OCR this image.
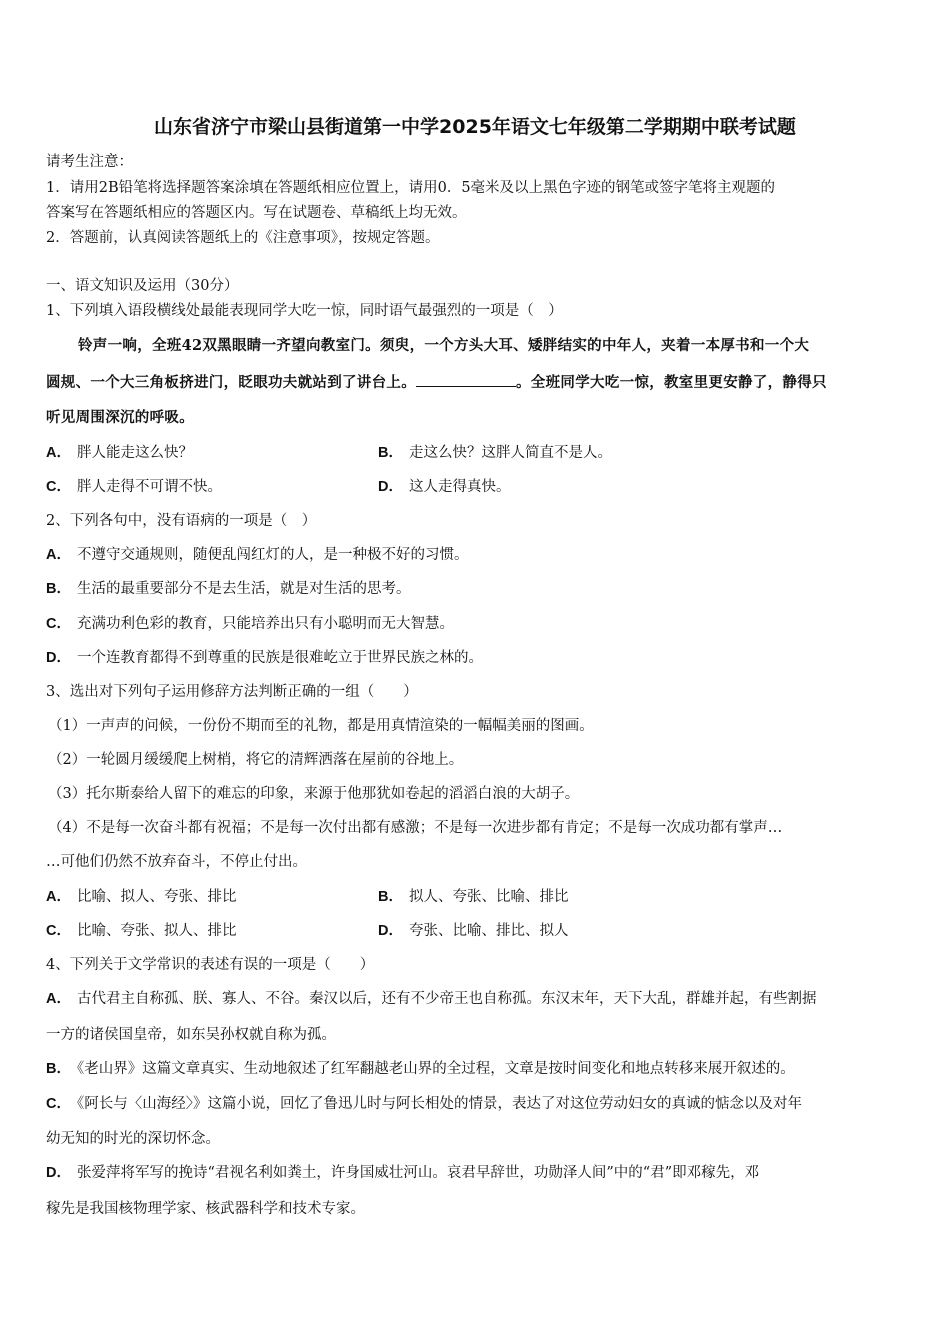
山东省济宁市梁山县街道第一中学2025年语文七年级第二学期期中联考试题
请考生注意：
1．请用2B铅笔将选择题答案涂填在答题纸相应位置上，请用0．5毫米及以上黑色字迹的钢笔或签字笔将主观题的
答案写在答题纸相应的答题区内。写在试题卷、草稿纸上均无效。
2．答题前，认真阅读答题纸上的《注意事项》，按规定答题。
一、语文知识及运用（30分）
1、下列填入语段横线处最能表现同学大吃一惊，同时语气最强烈的一项是（　）
铃声一响，全班42双黑眼睛一齐望向教室门。须臾，一个方头大耳、矮胖结实的中年人，夹着一本厚书和一个大
圆规、一个大三角板挤进门，眨眼功夫就站到了讲台上。	。全班同学大吃一惊，教室里更安静了，静得只
听见周围深沉的呼吸。
A． 胖人能走这么快？	B． 走这么快？这胖人简直不是人。
C． 胖人走得不可谓不快。	D． 这人走得真快。
2、下列各句中，没有语病的一项是（　）
A． 不遵守交通规则，随便乱闯红灯的人，是一种极不好的习惯。
B． 生活的最重要部分不是去生活，就是对生活的思考。
C． 充满功利色彩的教育，只能培养出只有小聪明而无大智慧。
D． 一个连教育都得不到尊重的民族是很难屹立于世界民族之林的。
3、选出对下列句子运用修辞方法判断正确的一组（　　）
（1）一声声的问候，一份份不期而至的礼物，都是用真情渲染的一幅幅美丽的图画。
（2）一轮圆月缓缓爬上树梢，将它的清辉洒落在屋前的谷地上。
（3）托尔斯泰给人留下的难忘的印象，来源于他那犹如卷起的滔滔白浪的大胡子。
（4）不是每一次奋斗都有祝福；不是每一次付出都有感激；不是每一次进步都有肯定；不是每一次成功都有掌声…
…可他们仍然不放弃奋斗，不停止付出。
A． 比喻、拟人、夸张、排比	B． 拟人、夸张、比喻、排比
C． 比喻、夸张、拟人、排比	D． 夸张、比喻、排比、拟人
4、下列关于文学常识的表述有误的一项是（　　）
A． 古代君主自称孤、朕、寡人、不谷。秦汉以后，还有不少帝王也自称孤。东汉末年，天下大乱，群雄并起，有些割据
一方的诸侯国皇帝，如东吴孙权就自称为孤。
B． 《老山界》这篇文章真实、生动地叙述了红军翻越老山界的全过程，文章是按时间变化和地点转移来展开叙述的。
C． 《阿长与〈山海经〉》这篇小说，回忆了鲁迅儿时与阿长相处的情景，表达了对这位劳动妇女的真诚的惦念以及对年
幼无知的时光的深切怀念。
D． 张爱萍将军写的挽诗“君视名利如粪土，许身国威壮河山。哀君早辞世，功勋泽人间”中的“君”即邓稼先，邓
稼先是我国核物理学家、核武器科学和技术专家。
